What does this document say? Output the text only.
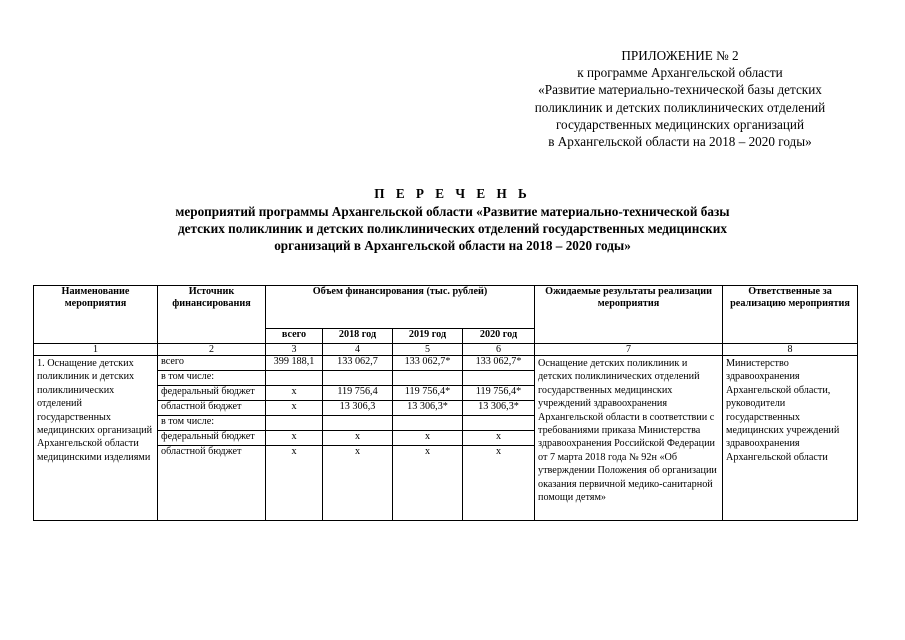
ПРИЛОЖЕНИЕ № 2
к программе Архангельской области
«Развитие материально-технической базы детских
поликлиник и детских поликлинических отделений
государственных медицинских организаций
в Архангельской области на 2018 – 2020 годы»
П Е Р Е Ч Е Н Ь
мероприятий программы Архангельской области «Развитие материально-технической базы
детских поликлиник и детских поликлинических отделений государственных медицинских
организаций в Архангельской области на 2018 – 2020 годы»
Наименование мероприятия	Источник финансирования	Объем финансирования (тыс. рублей)				Ожидаемые результаты реализации мероприятия	Ответственные за реализацию мероприятия
		всего	2018 год	2019 год	2020 год		
1	2	3	4	5	6	7	8
1. Оснащение детских поликлиник и детских поликлинических отделений государственных медицинских организаций Архангельской области медицинскими изделиями	всего	399 188,1	133 062,7	133 062,7*	133 062,7*	Оснащение детских поликлиник и детских поликлинических отделений государственных медицинских учреждений здравоохранения Архангельской области в соответствии с требованиями приказа Министерства здравоохранения Российской Федерации от 7 марта 2018 года № 92н «Об утверждении Положения об организации оказания первичной медико-санитарной помощи детям»	Министерство здравоохранения Архангельской области, руководители государственных медицинских учреждений здравоохранения Архангельской области
	в том числе:						
	федеральный бюджет	х	119 756,4	119 756,4*	119 756,4*		
	областной бюджет	х	13 306,3	13 306,3*	13 306,3*		
	в том числе:						
	федеральный бюджет	х	х	х	х		
	областной бюджет	х	х	х	х		
